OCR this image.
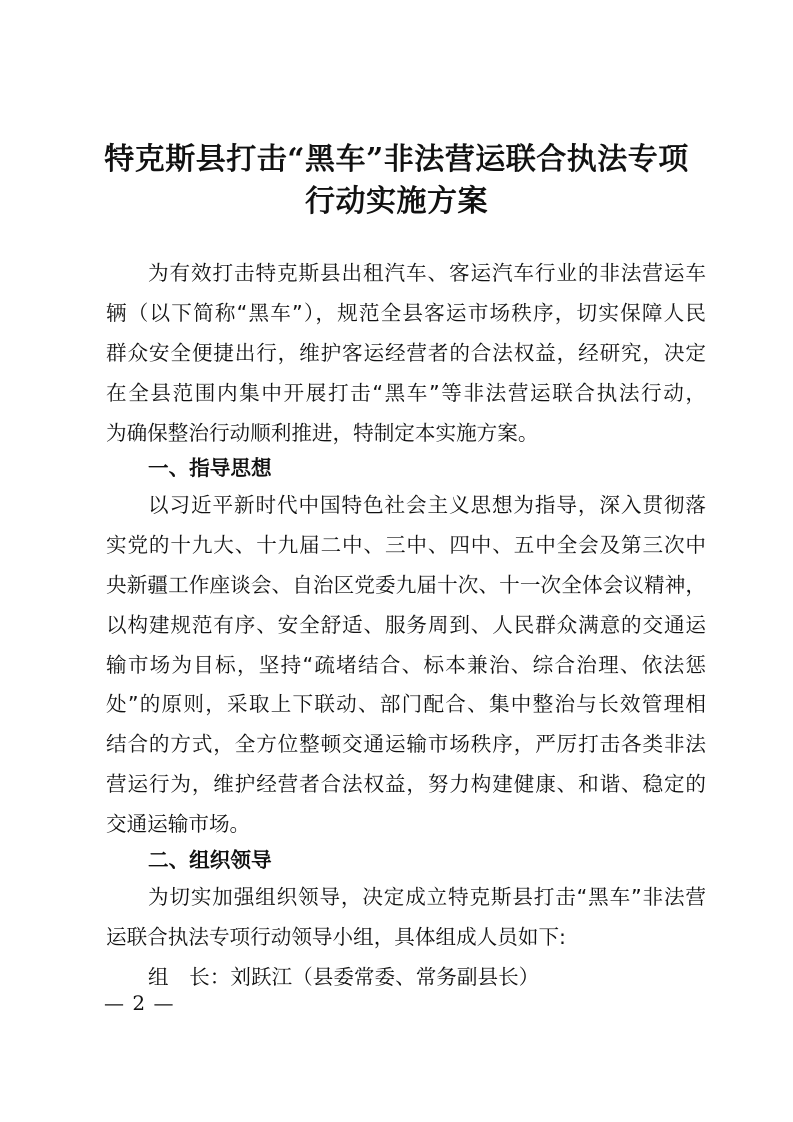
特克斯县打击“黑车”非法营运联合执法专项
行动实施方案

为有效打击特克斯县出租汽车、客运汽车行业的非法营运车

辆（以下简称“黑车”），规范全县客运市场秩序，切实保障人民

群众安全便捷出行，维护客运经营者的合法权益，经研究，决定

在全县范围内集中开展打击“黑车”等非法营运联合执法行动，

为确保整治行动顺利推进，特制定本实施方案。

一、指导思想

以习近平新时代中国特色社会主义思想为指导，深入贯彻落

实党的十九大、十九届二中、三中、四中、五中全会及第三次中

央新疆工作座谈会、自治区党委九届十次、十一次全体会议精神，

以构建规范有序、安全舒适、服务周到、人民群众满意的交通运

输市场为目标，坚持“疏堵结合、标本兼治、综合治理、依法惩

处”的原则，采取上下联动、部门配合、集中整治与长效管理相

结合的方式，全方位整顿交通运输市场秩序，严厉打击各类非法

营运行为，维护经营者合法权益，努力构建健康、和谐、稳定的

交通运输市场。

二、组织领导

为切实加强组织领导，决定成立特克斯县打击“黑车”非法营

运联合执法专项行动领导小组，具体组成人员如下:

组　长：刘跃江（县委常委、常务副县长）

— 2 —
